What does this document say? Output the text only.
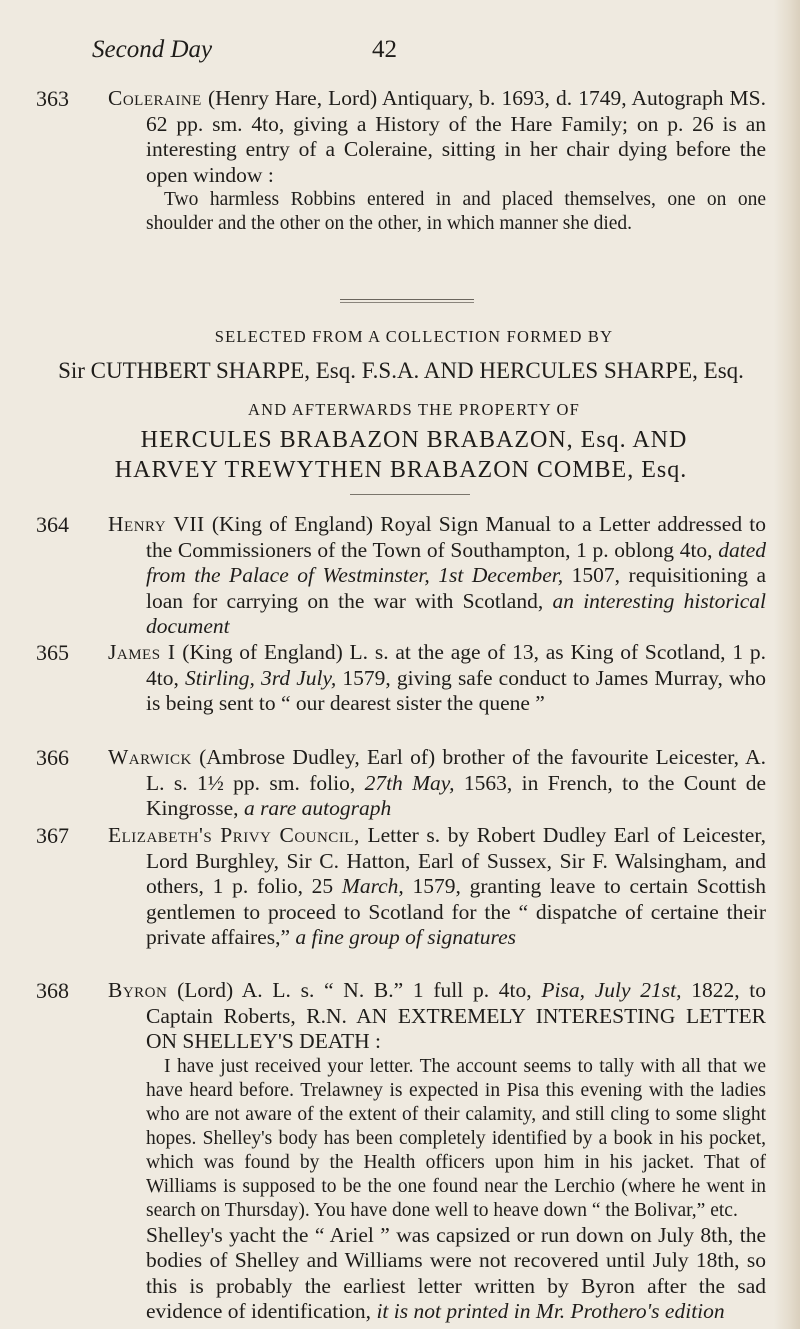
Second Day	42
363	Coleraine (Henry Hare, Lord) Antiquary, b. 1693, d. 1749, Autograph MS. 62 pp. sm. 4to, giving a History of the Hare Family; on p. 26 is an interesting entry of a Coleraine, sitting in her chair dying before the open window :
Two harmless Robbins entered in and placed themselves, one on one shoulder and the other on the other, in which manner she died.
SELECTED FROM A COLLECTION FORMED BY
Sir CUTHBERT SHARPE, Esq. F.S.A. AND HERCULES SHARPE, Esq.
AND AFTERWARDS THE PROPERTY OF
HERCULES BRABAZON BRABAZON, Esq. AND
HARVEY TREWYTHEN BRABAZON COMBE, Esq.
364	Henry VII (King of England) Royal Sign Manual to a Letter addressed to the Commissioners of the Town of Southampton, 1 p. oblong 4to, dated from the Palace of Westminster, 1st December, 1507, requisitioning a loan for carrying on the war with Scotland, an interesting historical document
365	James I (King of England) L. s. at the age of 13, as King of Scotland, 1 p. 4to, Stirling, 3rd July, 1579, giving safe conduct to James Murray, who is being sent to “ our dearest sister the quene ”
366	Warwick (Ambrose Dudley, Earl of) brother of the favourite Leicester, A. L. s. 1½ pp. sm. folio, 27th May, 1563, in French, to the Count de Kingrosse, a rare autograph
367	Elizabeth's Privy Council, Letter s. by Robert Dudley Earl of Leicester, Lord Burghley, Sir C. Hatton, Earl of Sussex, Sir F. Walsingham, and others, 1 p. folio, 25 March, 1579, granting leave to certain Scottish gentlemen to proceed to Scotland for the “ dispatche of certaine their private affaires,” a fine group of signatures
368	Byron (Lord) A. L. s. “ N. B.” 1 full p. 4to, Pisa, July 21st, 1822, to Captain Roberts, R.N. AN EXTREMELY INTERESTING LETTER ON SHELLEY'S DEATH :
I have just received your letter. The account seems to tally with all that we have heard before. Trelawney is expected in Pisa this evening with the ladies who are not aware of the extent of their calamity, and still cling to some slight hopes. Shelley's body has been completely identified by a book in his pocket, which was found by the Health officers upon him in his jacket. That of Williams is supposed to be the one found near the Lerchio (where he went in search on Thursday). You have done well to heave down “ the Bolivar,” etc.
Shelley's yacht the “ Ariel ” was capsized or run down on July 8th, the bodies of Shelley and Williams were not recovered until July 18th, so this is probably the earliest letter written by Byron after the sad evidence of identification, it is not printed in Mr. Prothero's edition
